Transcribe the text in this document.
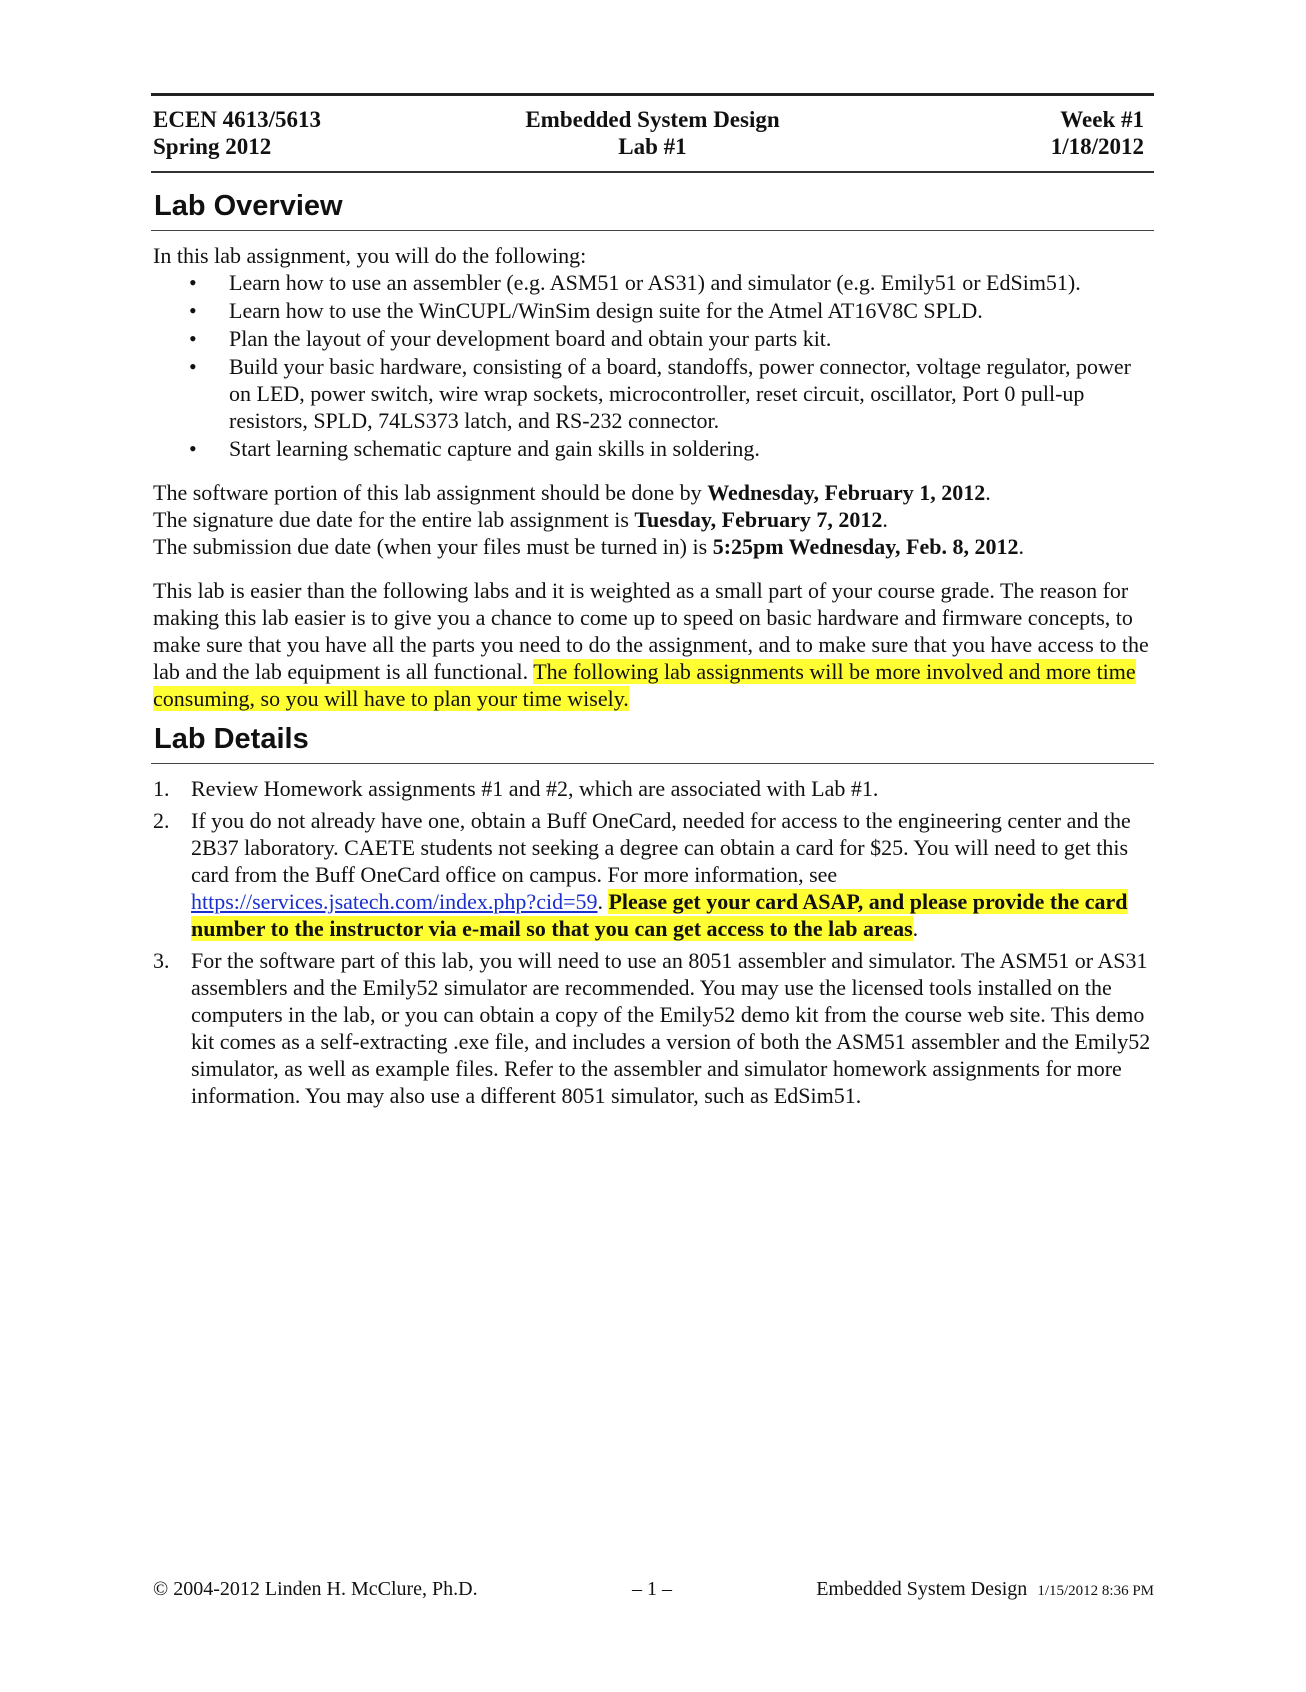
ECEN 4613/5613
Spring 2012
Embedded System Design
Lab #1
Week #1
1/18/2012
Lab Overview
In this lab assignment, you will do the following:
• Learn how to use an assembler (e.g. ASM51 or AS31) and simulator (e.g. Emily51 or EdSim51).
• Learn how to use the WinCUPL/WinSim design suite for the Atmel AT16V8C SPLD.
• Plan the layout of your development board and obtain your parts kit.
• Build your basic hardware, consisting of a board, standoffs, power connector, voltage regulator, power on LED, power switch, wire wrap sockets, microcontroller, reset circuit, oscillator, Port 0 pull-up resistors, SPLD, 74LS373 latch, and RS-232 connector.
• Start learning schematic capture and gain skills in soldering.
The software portion of this lab assignment should be done by Wednesday, February 1, 2012.
The signature due date for the entire lab assignment is Tuesday, February 7, 2012.
The submission due date (when your files must be turned in) is 5:25pm Wednesday, Feb. 8, 2012.
This lab is easier than the following labs and it is weighted as a small part of your course grade. The reason for making this lab easier is to give you a chance to come up to speed on basic hardware and firmware concepts, to make sure that you have all the parts you need to do the assignment, and to make sure that you have access to the lab and the lab equipment is all functional. The following lab assignments will be more involved and more time consuming, so you will have to plan your time wisely.
Lab Details
1. Review Homework assignments #1 and #2, which are associated with Lab #1.
2. If you do not already have one, obtain a Buff OneCard, needed for access to the engineering center and the 2B37 laboratory. CAETE students not seeking a degree can obtain a card for $25. You will need to get this card from the Buff OneCard office on campus. For more information, see https://services.jsatech.com/index.php?cid=59. Please get your card ASAP, and please provide the card number to the instructor via e-mail so that you can get access to the lab areas.
3. For the software part of this lab, you will need to use an 8051 assembler and simulator. The ASM51 or AS31 assemblers and the Emily52 simulator are recommended. You may use the licensed tools installed on the computers in the lab, or you can obtain a copy of the Emily52 demo kit from the course web site. This demo kit comes as a self-extracting .exe file, and includes a version of both the ASM51 assembler and the Emily52 simulator, as well as example files. Refer to the assembler and simulator homework assignments for more information. You may also use a different 8051 simulator, such as EdSim51.
© 2004-2012 Linden H. McClure, Ph.D.	– 1 –	Embedded System Design 1/15/2012 8:36 PM
